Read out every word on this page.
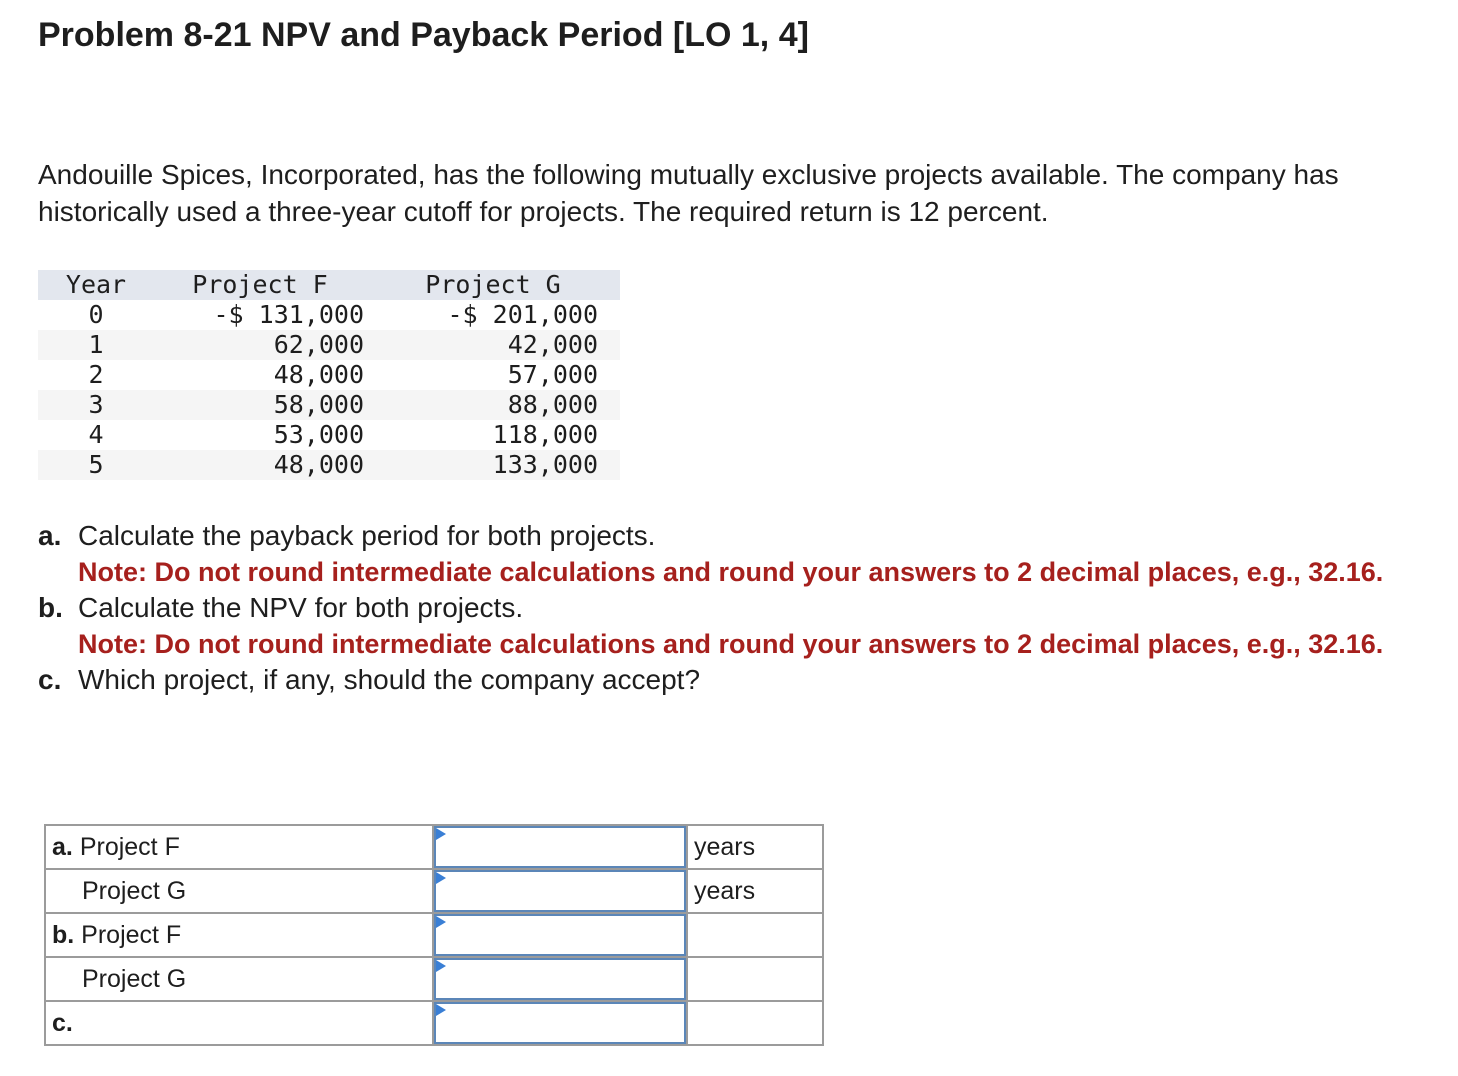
Problem 8-21 NPV and Payback Period [LO 1, 4]

Andouille Spices, Incorporated, has the following mutually exclusive projects available. The company has historically used a three-year cutoff for projects. The required return is 12 percent.

Year	Project F	Project G
0	-$ 131,000	-$ 201,000
1	62,000	42,000
2	48,000	57,000
3	58,000	88,000
4	53,000	118,000
5	48,000	133,000
a. Calculate the payback period for both projects.
Note: Do not round intermediate calculations and round your answers to 2 decimal places, e.g., 32.16.
b. Calculate the NPV for both projects.
Note: Do not round intermediate calculations and round your answers to 2 decimal places, e.g., 32.16.
c. Which project, if any, should the company accept?
a. Project F		years
Project G		years
b. Project F	

Project G	

c.	
